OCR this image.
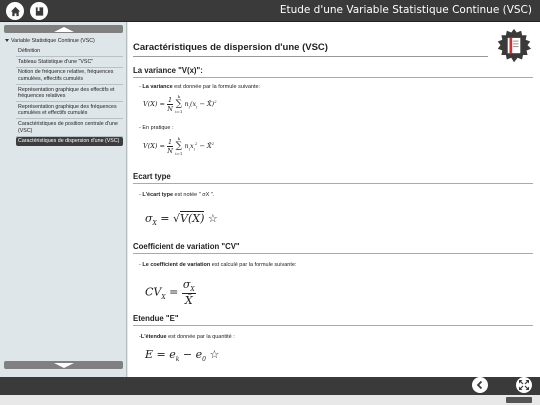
Etude d'une Variable Statistique Continue (VSC)
Variable Statistique Continue (VSC)
Définition
Tableau Statistique d'une "VSC"
Notion de fréquence relative, fréquences cumulées, effectifs cumulés
Représentation graphique des effectifs et fréquences relatives
Représentation graphique des fréquences cumulées et effectifs cumulés
Caractéristiques de position centrale d'une (VSC)
Caractéristiques de dispersion d'une (VSC)
Caractéristiques de dispersion d'une (VSC)
La variance "V(x)":
- La variance est donnée par la formule suivante:
$V(X) = \frac{1}{N}$
k
∑
i=1
$n_i(x_i$ − X̄)$^2$
- En pratique :
$V(X) = \frac{1}{N}$
k
∑
i=1
$n_ix_i^2$ − X̄$^2$
Ecart type
- L'écart type est notée " σX ".
$\sigma_X = √V(X)$ ☆
Coefficient de variation "CV"
- Le coefficient de variation est calculé par la formule suivante:
$CV_X = \frac{\sigma_X}{X̄}$
Etendue "E"
-L'étendue est donnée par la quantité :
$E = e_k - e_0$ ☆
